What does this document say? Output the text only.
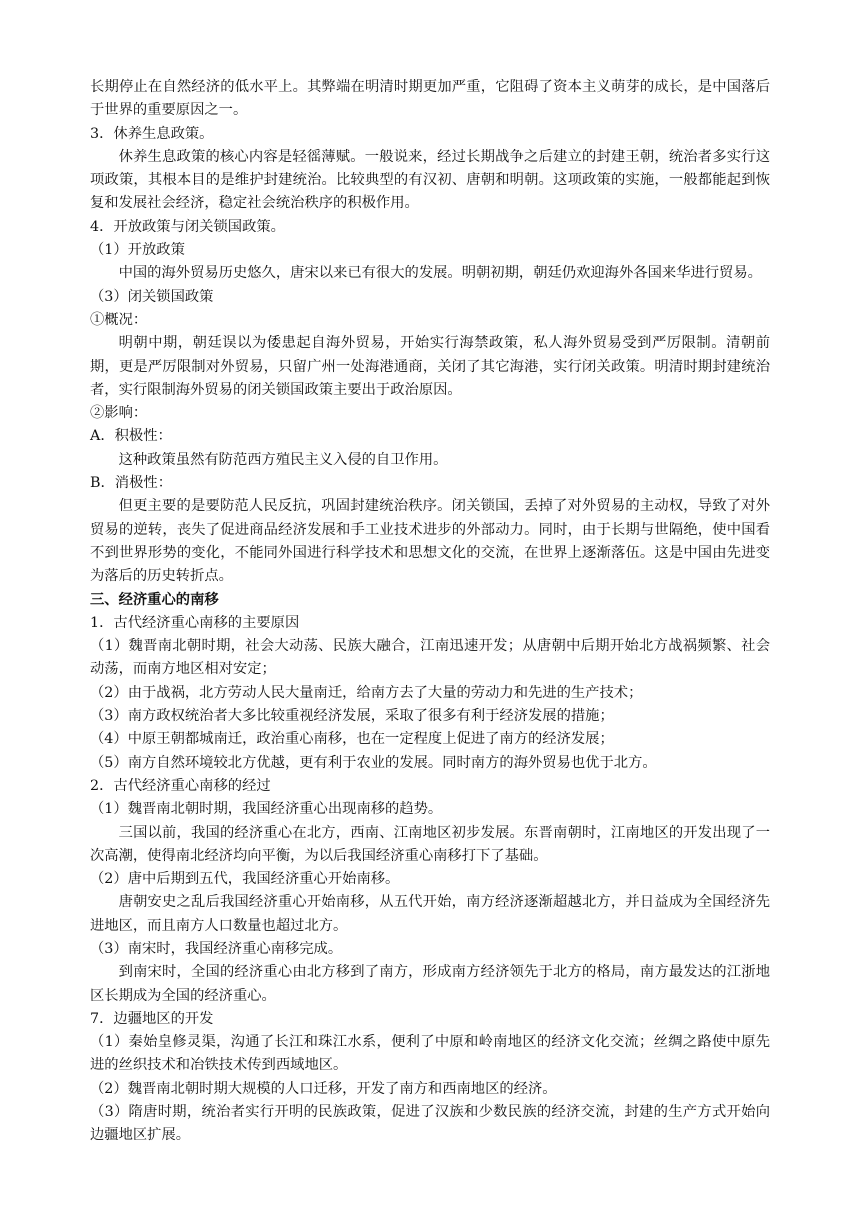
长期停止在自然经济的低水平上。其弊端在明清时期更加严重，它阻碍了资本主义萌芽的成长，是中国落后于世界的重要原因之一。

3．休养生息政策。

休养生息政策的核心内容是轻徭薄赋。一般说来，经过长期战争之后建立的封建王朝，统治者多实行这项政策，其根本目的是维护封建统治。比较典型的有汉初、唐朝和明朝。这项政策的实施，一般都能起到恢复和发展社会经济，稳定社会统治秩序的积极作用。

4．开放政策与闭关锁国政策。

（1）开放政策

中国的海外贸易历史悠久，唐宋以来已有很大的发展。明朝初期，朝廷仍欢迎海外各国来华进行贸易。

（3）闭关锁国政策

①概况：

明朝中期，朝廷误以为倭患起自海外贸易，开始实行海禁政策，私人海外贸易受到严厉限制。清朝前期，更是严厉限制对外贸易，只留广州一处海港通商，关闭了其它海港，实行闭关政策。明清时期封建统治者，实行限制海外贸易的闭关锁国政策主要出于政治原因。

②影响：

A．积极性：

这种政策虽然有防范西方殖民主义入侵的自卫作用。

B．消极性：

但更主要的是要防范人民反抗，巩固封建统治秩序。闭关锁国，丢掉了对外贸易的主动权，导致了对外贸易的逆转，丧失了促进商品经济发展和手工业技术进步的外部动力。同时，由于长期与世隔绝，使中国看不到世界形势的变化，不能同外国进行科学技术和思想文化的交流，在世界上逐渐落伍。这是中国由先进变为落后的历史转折点。

三、经济重心的南移

1．古代经济重心南移的主要原因

（1）魏晋南北朝时期，社会大动荡、民族大融合，江南迅速开发；从唐朝中后期开始北方战祸频繁、社会动荡，而南方地区相对安定；

（2）由于战祸，北方劳动人民大量南迁，给南方去了大量的劳动力和先进的生产技术；

（3）南方政权统治者大多比较重视经济发展，采取了很多有利于经济发展的措施；

（4）中原王朝都城南迁，政治重心南移，也在一定程度上促进了南方的经济发展；

（5）南方自然环境较北方优越，更有利于农业的发展。同时南方的海外贸易也优于北方。

2．古代经济重心南移的经过

（1）魏晋南北朝时期，我国经济重心出现南移的趋势。

三国以前，我国的经济重心在北方，西南、江南地区初步发展。东晋南朝时，江南地区的开发出现了一次高潮，使得南北经济均向平衡，为以后我国经济重心南移打下了基础。

（2）唐中后期到五代，我国经济重心开始南移。

唐朝安史之乱后我国经济重心开始南移，从五代开始，南方经济逐渐超越北方，并日益成为全国经济先进地区，而且南方人口数量也超过北方。

（3）南宋时，我国经济重心南移完成。

到南宋时，全国的经济重心由北方移到了南方，形成南方经济领先于北方的格局，南方最发达的江浙地区长期成为全国的经济重心。

7．边疆地区的开发

（1）秦始皇修灵渠，沟通了长江和珠江水系，便利了中原和岭南地区的经济文化交流；丝绸之路使中原先进的丝织技术和冶铁技术传到西域地区。

（2）魏晋南北朝时期大规模的人口迁移，开发了南方和西南地区的经济。

（3）隋唐时期，统治者实行开明的民族政策，促进了汉族和少数民族的经济交流，封建的生产方式开始向边疆地区扩展。
